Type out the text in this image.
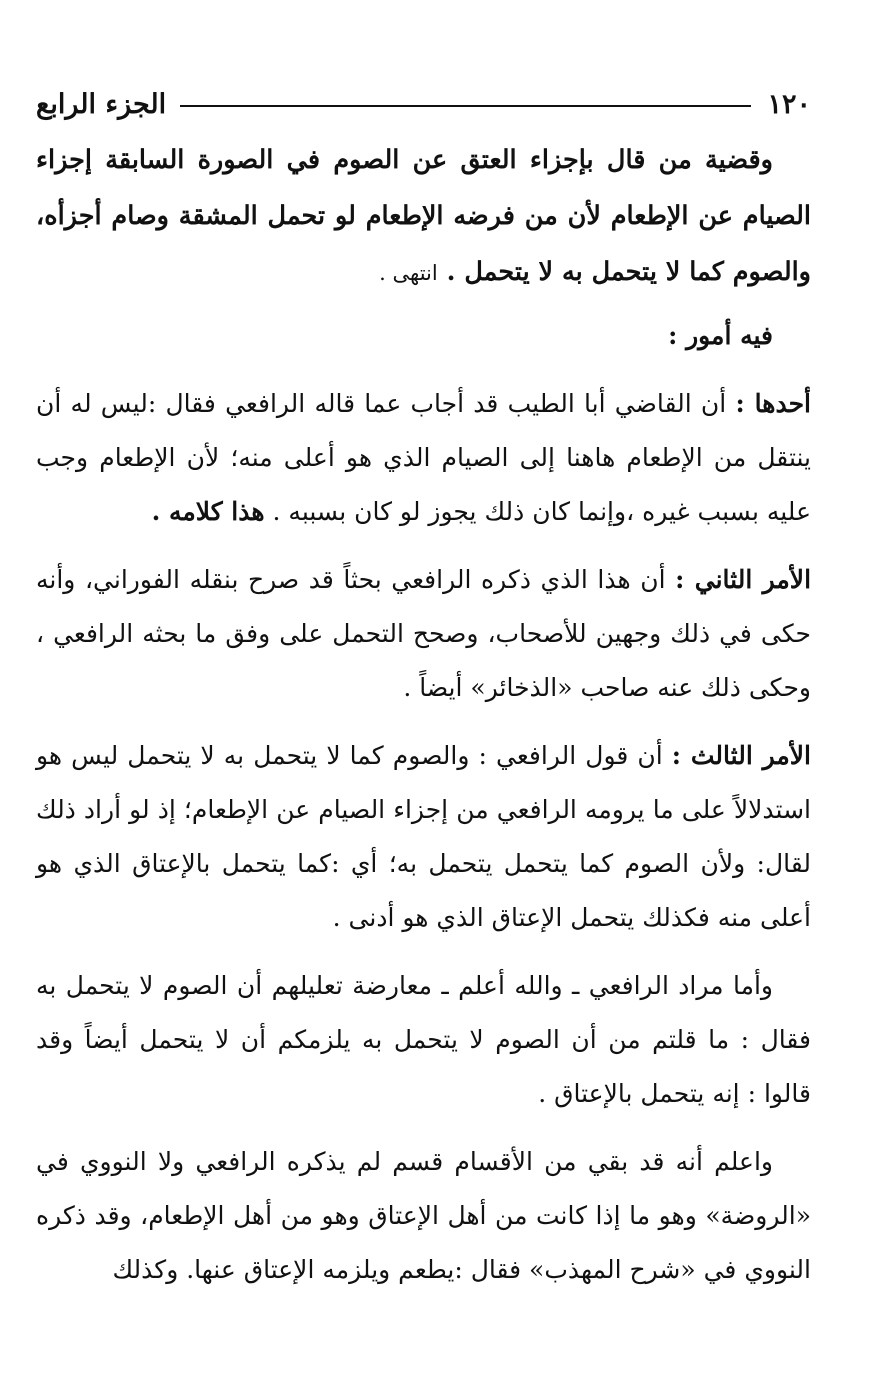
١٢٠
الجزء الرابع

وقضية من قال بإجزاء العتق عن الصوم في الصورة السابقة إجزاء الصيام عن الإطعام لأن من فرضه الإطعام لو تحمل المشقة وصام أجزأه، والصوم كما لا يتحمل به لا يتحمل . انتهى .

فيه أمور :

أحدها : أن القاضي أبا الطيب قد أجاب عما قاله الرافعي فقال :ليس له أن ينتقل من الإطعام هاهنا إلى الصيام الذي هو أعلى منه؛ لأن الإطعام وجب عليه بسبب غيره ،وإنما كان ذلك يجوز لو كان بسببه . هذا كلامه .

الأمر الثاني : أن هذا الذي ذكره الرافعي بحثاً قد صرح بنقله الفوراني، وأنه حكى في ذلك وجهين للأصحاب، وصحح التحمل على وفق ما بحثه الرافعي ، وحكى ذلك عنه صاحب «الذخائر» أيضاً .

الأمر الثالث : أن قول الرافعي : والصوم كما لا يتحمل به لا يتحمل ليس هو استدلالاً على ما يرومه الرافعي من إجزاء الصيام عن الإطعام؛ إذ لو أراد ذلك لقال: ولأن الصوم كما يتحمل يتحمل به؛ أي :كما يتحمل بالإعتاق الذي هو أعلى منه فكذلك يتحمل الإعتاق الذي هو أدنى .

وأما مراد الرافعي ـ والله أعلم ـ معارضة تعليلهم أن الصوم لا يتحمل به فقال : ما قلتم من أن الصوم لا يتحمل به يلزمكم أن لا يتحمل أيضاً وقد قالوا : إنه يتحمل بالإعتاق .

واعلم أنه قد بقي من الأقسام قسم لم يذكره الرافعي ولا النووي في «الروضة» وهو ما إذا كانت من أهل الإعتاق وهو من أهل الإطعام، وقد ذكره النووي في «شرح المهذب» فقال :يطعم ويلزمه الإعتاق عنها. وكذلك
